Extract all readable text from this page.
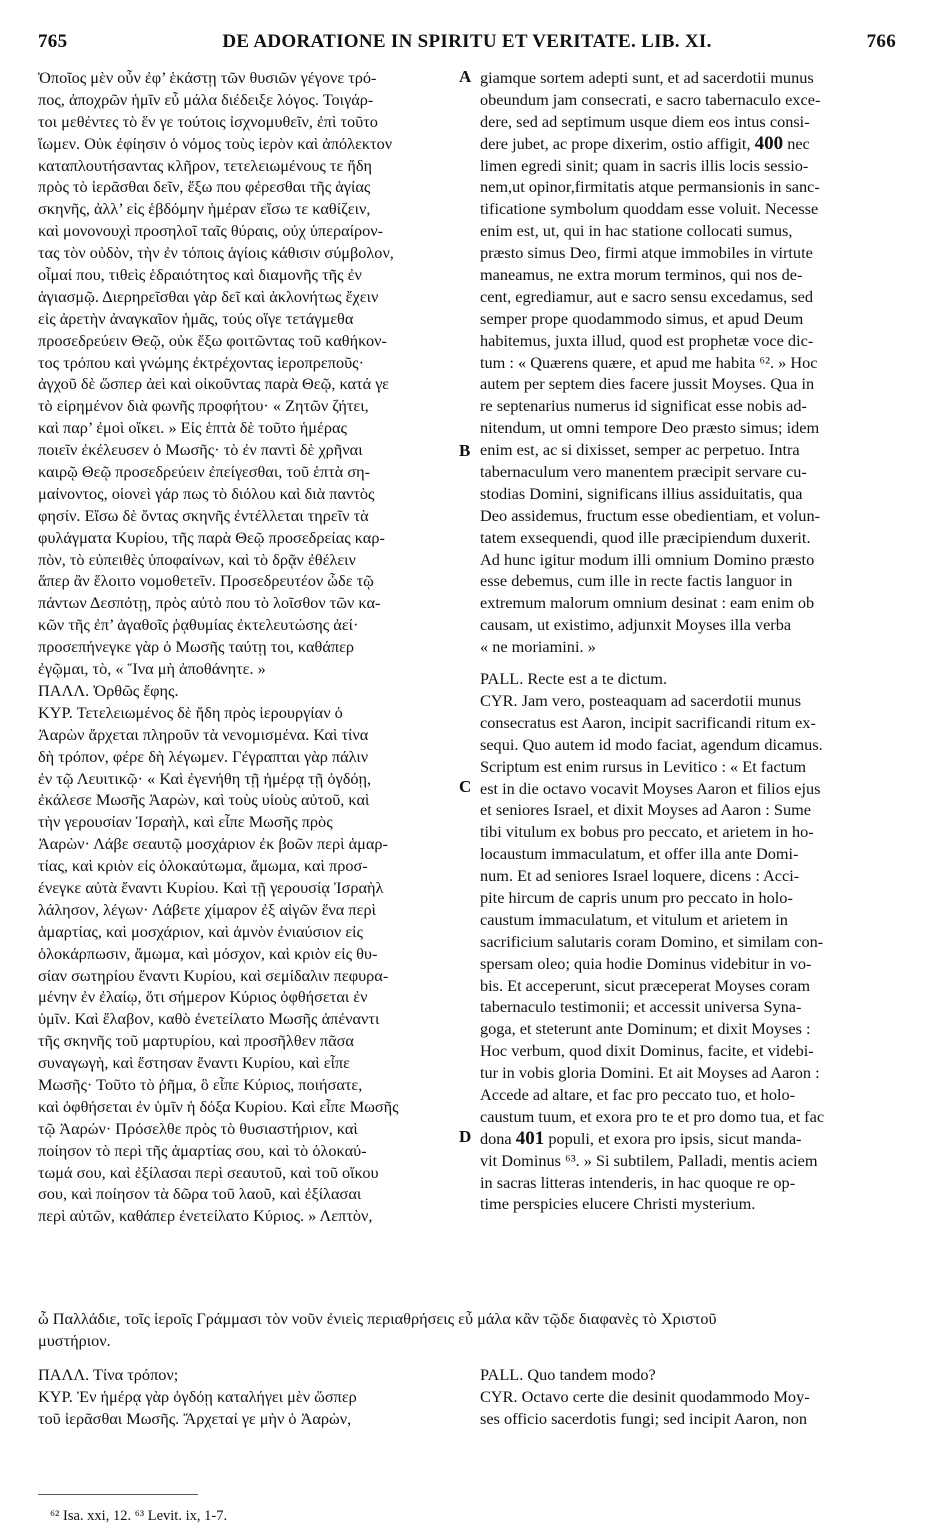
765	DE ADORATIONE IN SPIRITU ET VERITATE. LIB. XI.	766
A
B
C
D
Ὁποῖος μὲν οὖν ἐφ’ ἑκάστῃ τῶν θυσιῶν γέγονε τρό-
πος, ἀποχρῶν ἡμῖν εὖ μάλα διέδειξε λόγος. Τοιγάρ-
τοι μεθέντες τὸ ἕν γε τούτοις ἰσχνομυθεῖν, ἐπὶ τοῦτο
ἴωμεν. Οὐκ ἐφίησιν ὁ νόμος τοὺς ἱερὸν καὶ ἀπόλεκτον
καταπλουτήσαντας κλῆρον, τετελειωμένους τε ἤδη
πρὸς τὸ ἱερᾶσθαι δεῖν, ἔξω που φέρεσθαι τῆς ἁγίας
σκηνῆς, ἀλλ’ εἰς ἑβδόμην ἡμέραν εἴσω τε καθίζειν,
καὶ μονονουχὶ προσηλοῖ ταῖς θύραις, οὐχ ὑπεραίρον-
τας τὸν οὐδὸν, τὴν ἐν τόποις ἁγίοις κάθισιν σύμβολον,
οἶμαί που, τιθεὶς ἑδραιότητος καὶ διαμονῆς τῆς ἐν
ἁγιασμῷ. Διερηρεῖσθαι γὰρ δεῖ καὶ ἀκλονήτως ἔχειν
εἰς ἀρετὴν ἀναγκαῖον ἡμᾶς, τούς οἵγε τετάγμεθα
προσεδρεύειν Θεῷ, οὐκ ἔξω φοιτῶντας τοῦ καθήκον-
τος τρόπου καὶ γνώμης ἐκτρέχοντας ἱεροπρεποῦς·
ἀγχοῦ δὲ ὥσπερ ἀεὶ καὶ οἰκοῦντας παρὰ Θεῷ, κατά γε
τὸ εἰρημένον διὰ φωνῆς προφήτου· « Ζητῶν ζήτει,
καὶ παρ’ ἐμοὶ οἴκει. » Εἰς ἑπτὰ δὲ τοῦτο ἡμέρας
ποιεῖν ἐκέλευσεν ὁ Μωσῆς· τὸ ἐν παντὶ δὲ χρῆναι
καιρῷ Θεῷ προσεδρεύειν ἐπείγεσθαι, τοῦ ἑπτὰ ση-
μαίνοντος, οἱονεὶ γάρ πως τὸ διόλου καὶ διὰ παντὸς
φησίν. Εἴσω δὲ ὄντας σκηνῆς ἐντέλλεται τηρεῖν τὰ
φυλάγματα Κυρίου, τῆς παρὰ Θεῷ προσεδρείας καρ-
πὸν, τὸ εὐπειθὲς ὑποφαίνων, καὶ τὸ δρᾷν ἐθέλειν
ἅπερ ἂν ἕλοιτο νομοθετεῖν. Προσεδρευτέον ὧδε τῷ
πάντων Δεσπότῃ, πρὸς αὐτὸ που τὸ λοῖσθον τῶν κα-
κῶν τῆς ἐπ’ ἀγαθοῖς ῥᾳθυμίας ἐκτελευτώσης ἀεί·
προσεπήνεγκε γὰρ ὁ Μωσῆς ταύτῃ τοι, καθάπερ
ἐγῷμαι, τὸ, « Ἵνα μὴ ἀποθάνητε. »
ΠΑΛΛ. Ὀρθῶς ἔφης.
ΚΥΡ. Τετελειωμένος δὲ ἤδη πρὸς ἱερουργίαν ὁ
Ἀαρὼν ἄρχεται πληροῦν τὰ νενομισμένα. Καὶ τίνα
δὴ τρόπον, φέρε δὴ λέγωμεν. Γέγραπται γὰρ πάλιν
ἐν τῷ Λευιτικῷ· « Καὶ ἐγενήθη τῇ ἡμέρᾳ τῇ ὀγδόῃ,
ἐκάλεσε Μωσῆς Ἀαρὼν, καὶ τοὺς υἱοὺς αὐτοῦ, καὶ
τὴν γερουσίαν Ἰσραὴλ, καὶ εἶπε Μωσῆς πρὸς
Ἀαρὼν· Λάβε σεαυτῷ μοσχάριον ἐκ βοῶν περὶ ἁμαρ-
τίας, καὶ κριὸν εἰς ὁλοκαύτωμα, ἄμωμα, καὶ προσ-
ένεγκε αὐτὰ ἔναντι Κυρίου. Καὶ τῇ γερουσίᾳ Ἰσραὴλ
λάλησον, λέγων· Λάβετε χίμαρον ἐξ αἰγῶν ἕνα περὶ
ἁμαρτίας, καὶ μοσχάριον, καὶ ἀμνὸν ἐνιαύσιον εἰς
ὁλοκάρπωσιν, ἄμωμα, καὶ μόσχον, καὶ κριὸν εἰς θυ-
σίαν σωτηρίου ἔναντι Κυρίου, καὶ σεμίδαλιν πεφυρα-
μένην ἐν ἐλαίῳ, ὅτι σήμερον Κύριος ὀφθήσεται ἐν
ὑμῖν. Καὶ ἔλαβον, καθὸ ἐνετείλατο Μωσῆς ἀπέναντι
τῆς σκηνῆς τοῦ μαρτυρίου, καὶ προσῆλθεν πᾶσα
συναγωγὴ, καὶ ἔστησαν ἔναντι Κυρίου, καὶ εἶπε
Μωσῆς· Τοῦτο τὸ ῥῆμα, ὃ εἶπε Κύριος, ποιήσατε,
καὶ ὀφθήσεται ἐν ὑμῖν ἡ δόξα Κυρίου. Καὶ εἶπε Μωσῆς
τῷ Ἀαρών· Πρόσελθε πρὸς τὸ θυσιαστήριον, καὶ
ποίησον τὸ περὶ τῆς ἁμαρτίας σου, καὶ τὸ ὁλοκαύ-
τωμά σου, καὶ ἐξίλασαι περὶ σεαυτοῦ, καὶ τοῦ οἴκου
σου, καὶ ποίησον τὰ δῶρα τοῦ λαοῦ, καὶ ἐξίλασαι
περὶ αὐτῶν, καθάπερ ἐνετείλατο Κύριος. » Λεπτὸν,
giamque sortem adepti sunt, et ad sacerdotii munus
obeundum jam consecrati, e sacro tabernaculo exce-
dere, sed ad septimum usque diem eos intus consi-
dere jubet, ac prope dixerim, ostio affigit, 400 nec
limen egredi sinit; quam in sacris illis locis sessio-
nem,ut opinor,firmitatis atque permansionis in sanc-
tificatione symbolum quoddam esse voluit. Necesse
enim est, ut, qui in hac statione collocati sumus,
præsto simus Deo, firmi atque immobiles in virtute
maneamus, ne extra morum terminos, qui nos de-
cent, egrediamur, aut e sacro sensu excedamus, sed
semper prope quodammodo simus, et apud Deum
habitemus, juxta illud, quod est prophetæ voce dic-
tum : « Quærens quære, et apud me habita ⁶². » Hoc
autem per septem dies facere jussit Moyses. Qua in
re septenarius numerus id significat esse nobis ad-
nitendum, ut omni tempore Deo præsto simus; idem
enim est, ac si dixisset, semper ac perpetuo. Intra
tabernaculum vero manentem præcipit servare cu-
stodias Domini, significans illius assiduitatis, qua
Deo assidemus, fructum esse obedientiam, et volun-
tatem exsequendi, quod ille præcipiendum duxerit.
Ad hunc igitur modum illi omnium Domino præsto
esse debemus, cum ille in recte factis languor in
extremum malorum omnium desinat : eam enim ob
causam, ut existimo, adjunxit Moyses illa verba
« ne moriamini. »
PALL. Recte est a te dictum.
CYR. Jam vero, posteaquam ad sacerdotii munus
consecratus est Aaron, incipit sacrificandi ritum ex-
sequi. Quo autem id modo faciat, agendum dicamus.
Scriptum est enim rursus in Levitico : « Et factum
est in die octavo vocavit Moyses Aaron et filios ejus
et seniores Israel, et dixit Moyses ad Aaron : Sume
tibi vitulum ex bobus pro peccato, et arietem in ho-
locaustum immaculatum, et offer illa ante Domi-
num. Et ad seniores Israel loquere, dicens : Acci-
pite hircum de capris unum pro peccato in holo-
caustum immaculatum, et vitulum et arietem in
sacrificium salutaris coram Domino, et similam con-
spersam oleo; quia hodie Dominus videbitur in vo-
bis. Et acceperunt, sicut præceperat Moyses coram
tabernaculo testimonii; et accessit universa Syna-
goga, et steterunt ante Dominum; et dixit Moyses :
Hoc verbum, quod dixit Dominus, facite, et videbi-
tur in vobis gloria Domini. Et ait Moyses ad Aaron :
Accede ad altare, et fac pro peccato tuo, et holo-
caustum tuum, et exora pro te et pro domo tua, et fac
dona 401 populi, et exora pro ipsis, sicut manda-
vit Dominus ⁶³. » Si subtilem, Palladi, mentis aciem
in sacras litteras intenderis, in hac quoque re op-
time perspicies elucere Christi mysterium.
ὦ Παλλάδιε, τοῖς ἱεροῖς Γράμμασι τὸν νοῦν ἐνιεὶς περιαθρήσεις εὖ μάλα κἂν τῷδε διαφανὲς τὸ Χριστοῦ
μυστήριον.
ΠΑΛΛ. Τίνα τρόπον;
ΚΥΡ. Ἐν ἡμέρᾳ γὰρ ὀγδόῃ καταλήγει μὲν ὥσπερ
τοῦ ἱερᾶσθαι Μωσῆς. Ἄρχεταί γε μὴν ὁ Ἀαρὼν,
PALL. Quo tandem modo?
CYR. Octavo certe die desinit quodammodo Moy-
ses officio sacerdotis fungi; sed incipit Aaron, non
⁶² Isa. xxi, 12. ⁶³ Levit. ix, 1-7.
